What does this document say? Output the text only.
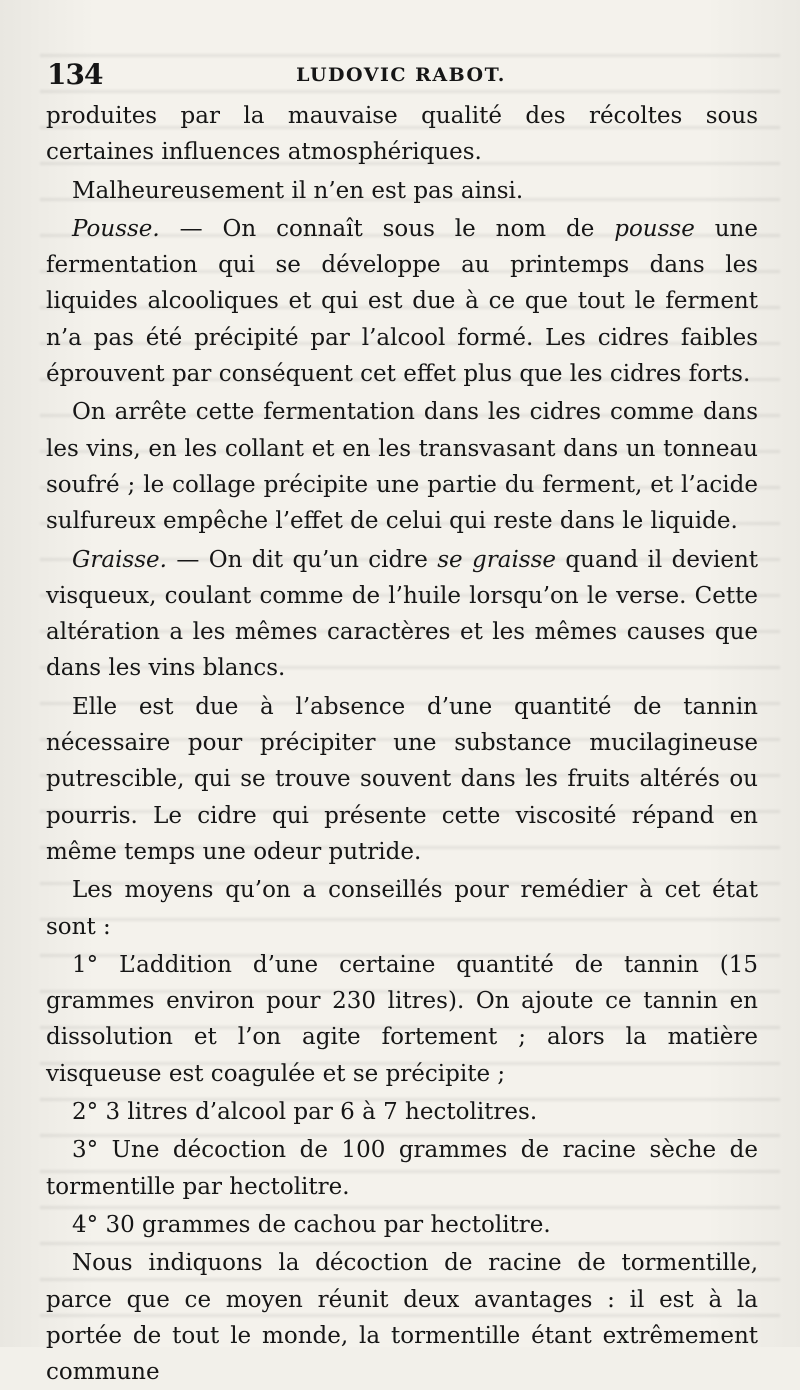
134	LUDOVIC RABOT.

produites par la mauvaise qualité des récoltes sous certaines influences atmosphériques.

Malheureusement il n’en est pas ainsi.

Pousse. — On connaît sous le nom de pousse une fermentation qui se développe au printemps dans les liquides alcooliques et qui est due à ce que tout le ferment n’a pas été précipité par l’alcool formé. Les cidres faibles éprouvent par conséquent cet effet plus que les cidres forts.

On arrête cette fermentation dans les cidres comme dans les vins, en les collant et en les transvasant dans un tonneau soufré ; le collage précipite une partie du ferment, et l’acide sulfureux empêche l’effet de celui qui reste dans le liquide.

Graisse. — On dit qu’un cidre se graisse quand il devient visqueux, coulant comme de l’huile lorsqu’on le verse. Cette altération a les mêmes caractères et les mêmes causes que dans les vins blancs.

Elle est due à l’absence d’une quantité de tannin nécessaire pour précipiter une substance mucilagineuse putrescible, qui se trouve souvent dans les fruits altérés ou pourris. Le cidre qui présente cette viscosité répand en même temps une odeur putride.

Les moyens qu’on a conseillés pour remédier à cet état sont :

1° L’addition d’une certaine quantité de tannin (15 grammes environ pour 230 litres). On ajoute ce tannin en dissolution et l’on agite fortement ; alors la matière visqueuse est coagulée et se précipite ;

2° 3 litres d’alcool par 6 à 7 hectolitres.

3° Une décoction de 100 grammes de racine sèche de tormentille par hectolitre.

4° 30 grammes de cachou par hectolitre.

Nous indiquons la décoction de racine de tormentille, parce que ce moyen réunit deux avantages : il est à la portée de tout le monde, la tormentille étant extrêmement commune
